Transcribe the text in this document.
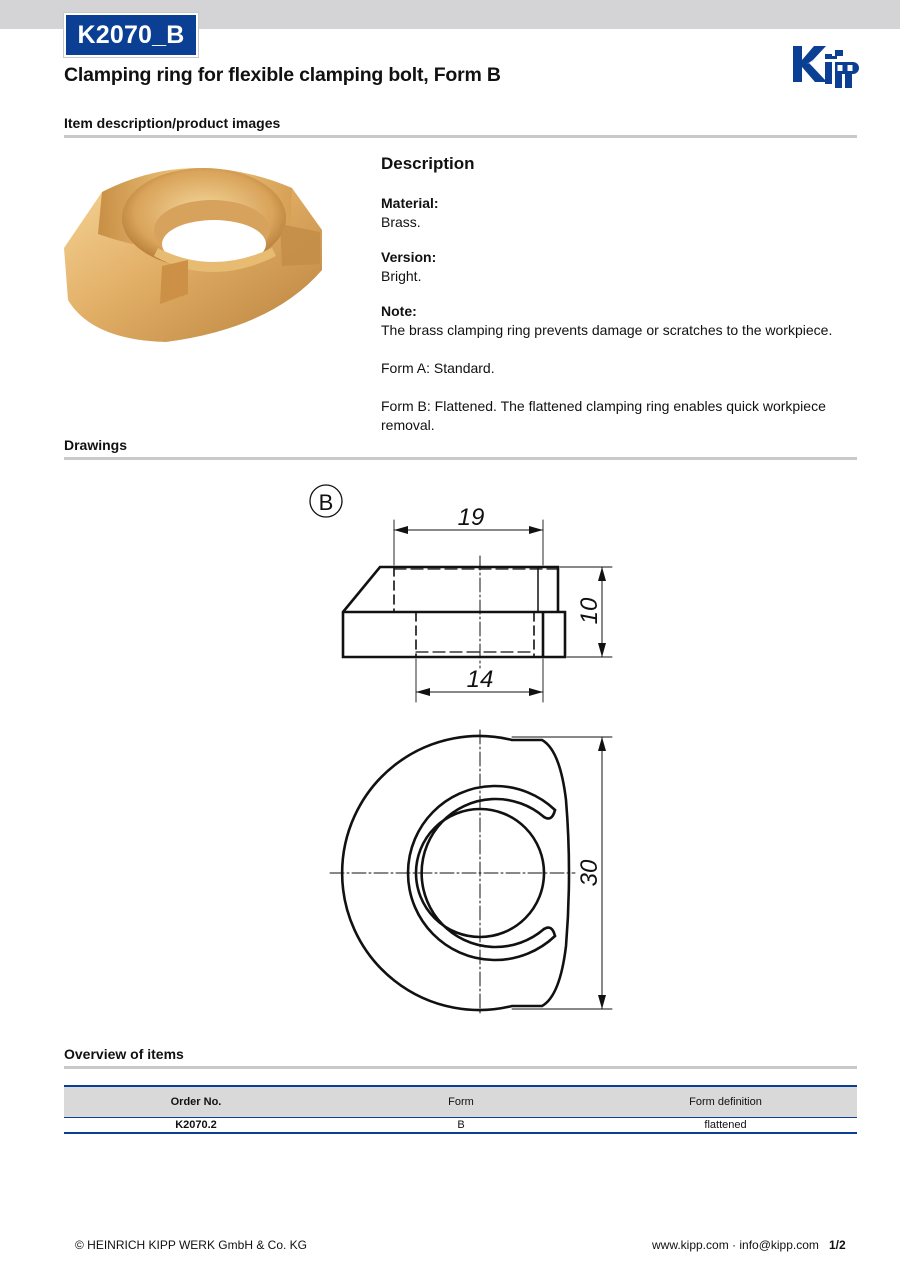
K2070_B
Clamping ring for flexible clamping bolt, Form B
Kipp
Item description/product images
Description
Material:
Brass.
Version:
Bright.
Note:
The brass clamping ring prevents damage or scratches to the workpiece.
Form A: Standard.
Form B: Flattened. The flattened clamping ring enables quick workpiece removal.
Drawings
B
19
14
10
30
Overview of items
Order No.	Form	Form definition
K2070.2	B	flattened
© HEINRICH KIPP WERK GmbH & Co. KG	www.kipp.com · info@kipp.com 1/2
